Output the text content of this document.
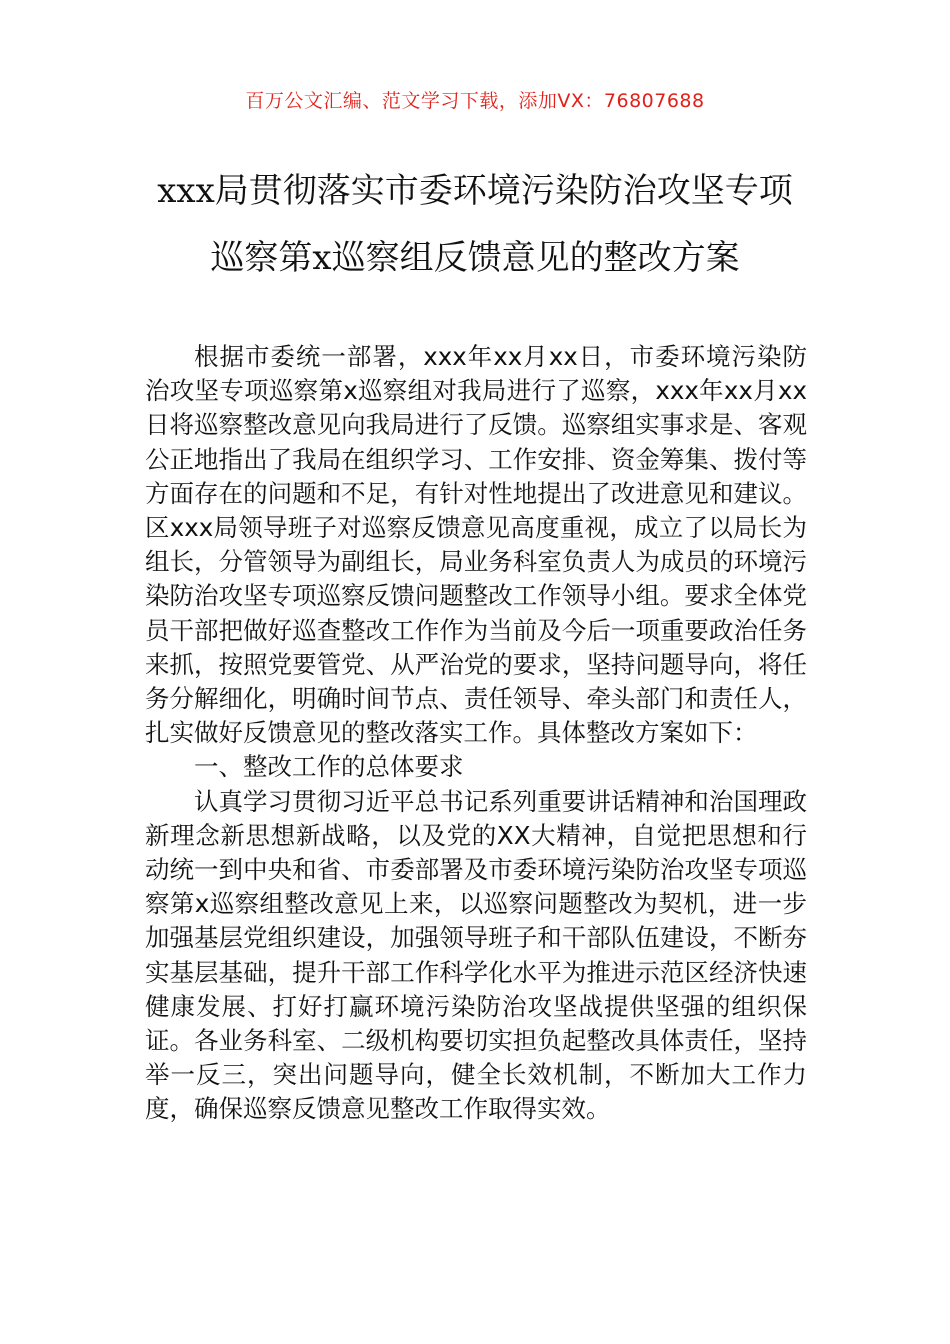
百万公文汇编、范文学习下载，添加VX：76807688
xxx局贯彻落实市委环境污染防治攻坚专项
巡察第x巡察组反馈意见的整改方案

根据市委统一部署，xxx年xx月xx日，市委环境污染防治攻坚专项巡察第x巡察组对我局进行了巡察，xxx年xx月xx日将巡察整改意见向我局进行了反馈。巡察组实事求是、客观公正地指出了我局在组织学习、工作安排、资金筹集、拨付等方面存在的问题和不足，有针对性地提出了改进意见和建议。区xxx局领导班子对巡察反馈意见高度重视，成立了以局长为组长，分管领导为副组长，局业务科室负责人为成员的环境污染防治攻坚专项巡察反馈问题整改工作领导小组。要求全体党员干部把做好巡查整改工作作为当前及今后一项重要政治任务来抓，按照党要管党、从严治党的要求，坚持问题导向，将任务分解细化，明确时间节点、责任领导、牵头部门和责任人，扎实做好反馈意见的整改落实工作。具体整改方案如下：

一、整改工作的总体要求

认真学习贯彻习近平总书记系列重要讲话精神和治国理政新理念新思想新战略，以及党的XX大精神，自觉把思想和行动统一到中央和省、市委部署及市委环境污染防治攻坚专项巡察第x巡察组整改意见上来，以巡察问题整改为契机，进一步加强基层党组织建设，加强领导班子和干部队伍建设，不断夯实基层基础，提升干部工作科学化水平为推进示范区经济快速健康发展、打好打赢环境污染防治攻坚战提供坚强的组织保证。各业务科室、二级机构要切实担负起整改具体责任，坚持举一反三，突出问题导向，健全长效机制，不断加大工作力度，确保巡察反馈意见整改工作取得实效。
